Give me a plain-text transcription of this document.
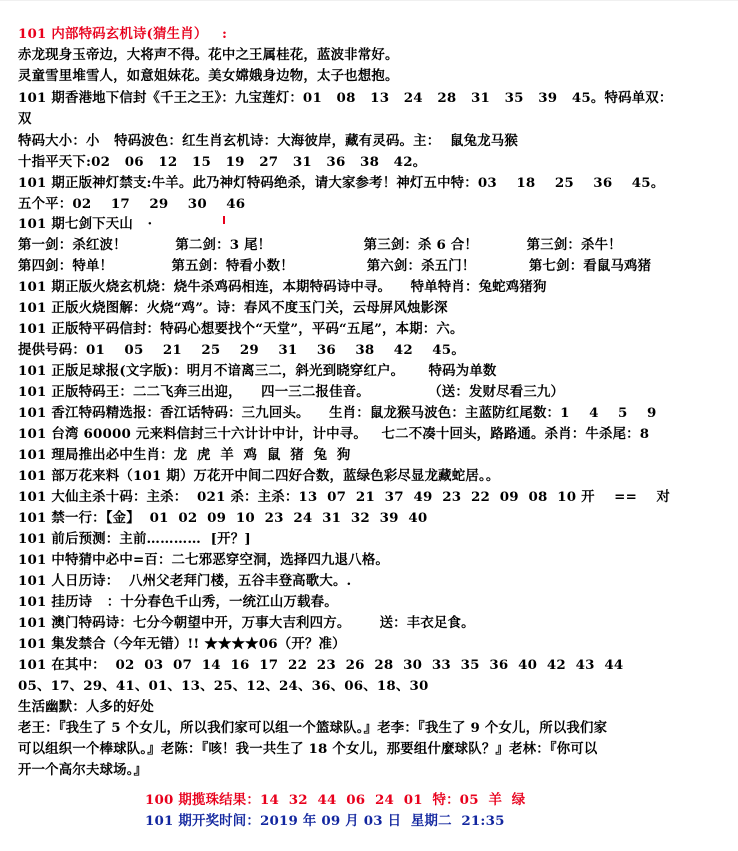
101 内部特码玄机诗(猜生肖）   :
赤龙现身玉帝边，大将声不得。花中之王属桂花，蓝波非常好。
灵童雪里堆雪人，如意姐妹花。美女嫦娥身边物，太子也想抱。
101 期香港地下信封《千王之王》：九宝莲灯：01   08   13   24   28   31   35   39   45。特码单双：
双
特码大小：小   特码波色：红生肖玄机诗：大海彼岸，藏有灵码。主：  鼠兔龙马猴
十指平天下:02   06   12   15   19   27   31   36   38   42。
101 期正版神灯禁支:牛羊。此乃神灯特码绝杀，请大家参考！神灯五中特：03    18    25    36    45。
五个平：02    17    29    30    46
101 期七剑下天山   ·
第一剑：杀红波！          第二剑：3 尾！                   第三剑：杀 6 合！          第三剑：杀牛！
第四剑：特单！            第五剑：特看小数！               第六剑：杀五门！           第七剑：看鼠马鸡猪
101 期正版火烧玄机烧：烧牛杀鸡码相连，本期特码诗中寻。    特单特肖：兔蛇鸡猪狗
101 正版火烧图解：火烧“鸡”。诗：春风不度玉门关，云母屏风烛影深
101 正版特平码信封：特码心想要找个“天堂”，平码“五尾”，本期：六。
提供号码：01    05    21    25    29    31    36    38    42    45。
101 正版足球报(文字版)：明月不谙离三二，斜光到晓穿红户。     特码为单数
101 正版特码王：二二飞奔三出迎，    四一三二报佳音。            （送：发财尽看三九）
101 香江特码精选报：香江话特码：三九回头。    生肖：鼠龙猴马波色：主蓝防红尾数：1    4    5    9
101 台湾 60000 元来料信封三十六计计中计，计中寻。   七二不凑十回头，路路通。杀肖：牛杀尾：8
101 理局推出必中生肖：龙  虎  羊  鸡  鼠  猪  兔  狗
101 部万花来料（101 期）万花开中间二四好合数，蓝绿色彩尽显龙藏蛇居。。
101 大仙主杀十码：主杀：  021 杀：主杀：13  07  21  37  49  23  22  09  08  10 开    ==    对
101 禁一行：【金】  01  02  09  10  23  24  31  32  39  40
101 前后预测：主前…………  [开？]
101 中特猜中必中=百：二七邪恶穿空洞，选择四九退八格。
101 人日历诗：  八州父老拜门楼，五谷丰登高歌大。.
101 挂历诗   ：十分春色千山秀，一统江山万载春。
101 澳门特码诗：七分今朝望中开，万事大吉利四方。      送：丰衣足食。
101 集发禁合（今年无错）!! ★★★★06（开？准）
101 在其中：  02  03  07  14  16  17  22  23  26  28  30  33  35  36  40  42  43  44
05、17、29、41、01、13、25、12、24、36、06、18、30
生活幽默：人多的好处
老王：『我生了 5 个女儿，所以我们家可以组一个篮球队。』老李：『我生了 9 个女儿，所以我们家
可以组织一个棒球队。』老陈：『咳！我一共生了 18 个女儿，那要组什麼球队？』老林：『你可以
开一个高尔夫球场。』
100 期揽珠结果：14  32  44  06  24  01  特：05  羊  绿
101 期开奖时间：2019 年 09 月 03 日  星期二  21:35
